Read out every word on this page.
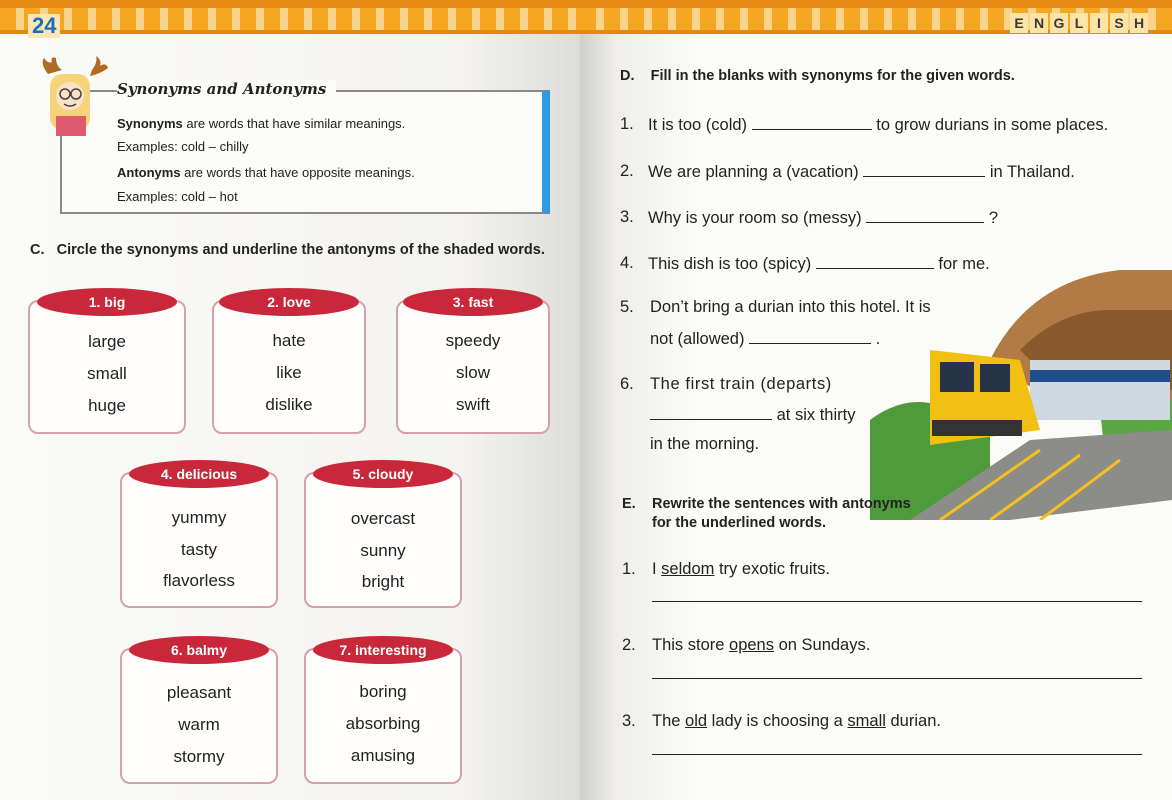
24
Synonyms and Antonyms
Synonyms are words that have similar meanings.
Examples: cold – chilly
Antonyms are words that have opposite meanings.
Examples: cold – hot
C. Circle the synonyms and underline the antonyms of the shaded words.
1. big
large
small
huge
2. love
hate
like
dislike
3. fast
speedy
slow
swift
4. delicious
yummy
tasty
flavorless
5. cloudy
overcast
sunny
bright
6. balmy
pleasant
warm
stormy
7. interesting
boring
absorbing
amusing
E N G L I S H
D. Fill in the blanks with synonyms for the given words.
1. It is too (cold)	to grow durians in some places.
2. We are planning a (vacation)	in Thailand.
3. Why is your room so (messy)	?
4. This dish is too (spicy)	for me.
5. Don’t bring a durian into this hotel. It is
not (allowed)	.
6. The first train (departs)
at six thirty
in the morning.
E. Rewrite the sentences with antonyms
for the underlined words.
1. I seldom try exotic fruits.
2. This store opens on Sundays.
3. The old lady is choosing a small durian.
